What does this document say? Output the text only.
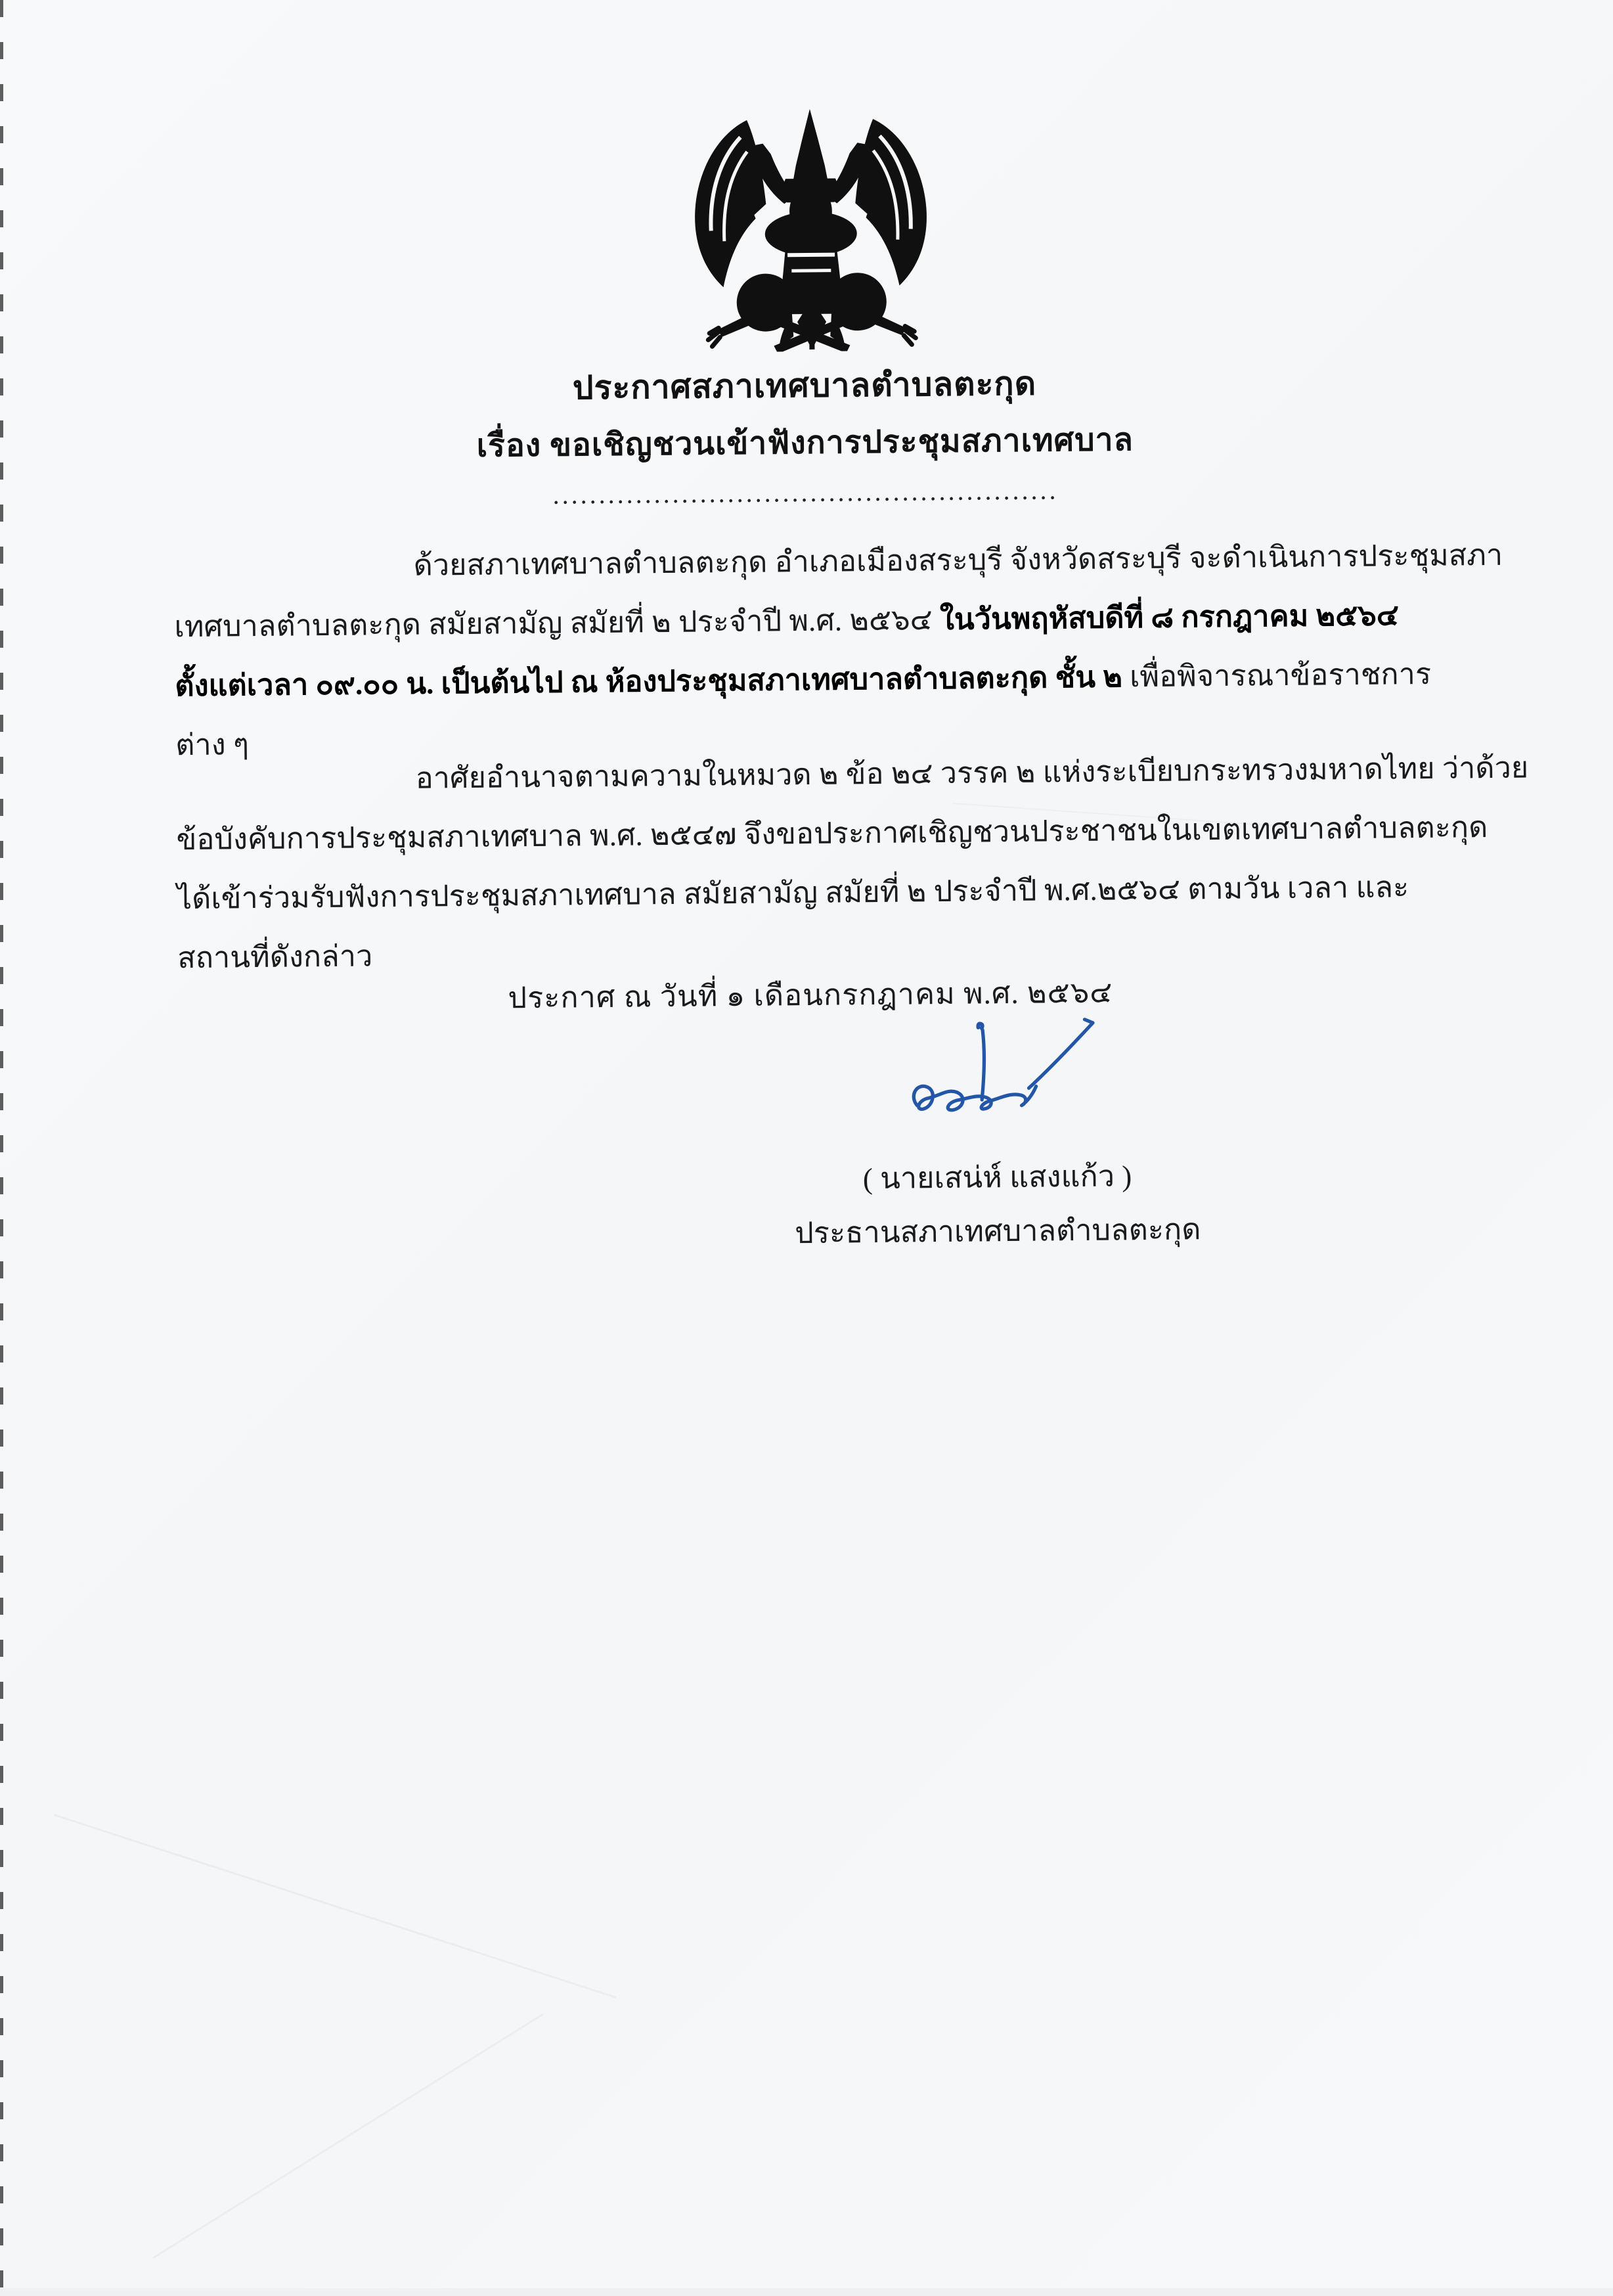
ประกาศสภาเทศบาลตำบลตะกุด
เรื่อง ขอเชิญชวนเข้าฟังการประชุมสภาเทศบาล
.......................................................
ด้วยสภาเทศบาลตำบลตะกุด อำเภอเมืองสระบุรี จังหวัดสระบุรี จะดำเนินการประชุมสภา
เทศบาลตำบลตะกุด สมัยสามัญ สมัยที่ ๒ ประจำปี พ.ศ. ๒๕๖๔ ในวันพฤหัสบดีที่ ๘ กรกฎาคม ๒๕๖๔
ตั้งแต่เวลา ๐๙.๐๐ น. เป็นต้นไป ณ ห้องประชุมสภาเทศบาลตำบลตะกุด ชั้น ๒ เพื่อพิจารณาข้อราชการ
ต่าง ๆ
อาศัยอำนาจตามความในหมวด ๒ ข้อ ๒๔ วรรค ๒ แห่งระเบียบกระทรวงมหาดไทย ว่าด้วย
ข้อบังคับการประชุมสภาเทศบาล พ.ศ. ๒๕๔๗ จึงขอประกาศเชิญชวนประชาชนในเขตเทศบาลตำบลตะกุด
ได้เข้าร่วมรับฟังการประชุมสภาเทศบาล สมัยสามัญ สมัยที่ ๒ ประจำปี พ.ศ.๒๕๖๔ ตามวัน เวลา และ
สถานที่ดังกล่าว
ประกาศ ณ วันที่ ๑ เดือนกรกฎาคม พ.ศ. ๒๕๖๔
( นายเสน่ห์ แสงแก้ว )
ประธานสภาเทศบาลตำบลตะกุด
